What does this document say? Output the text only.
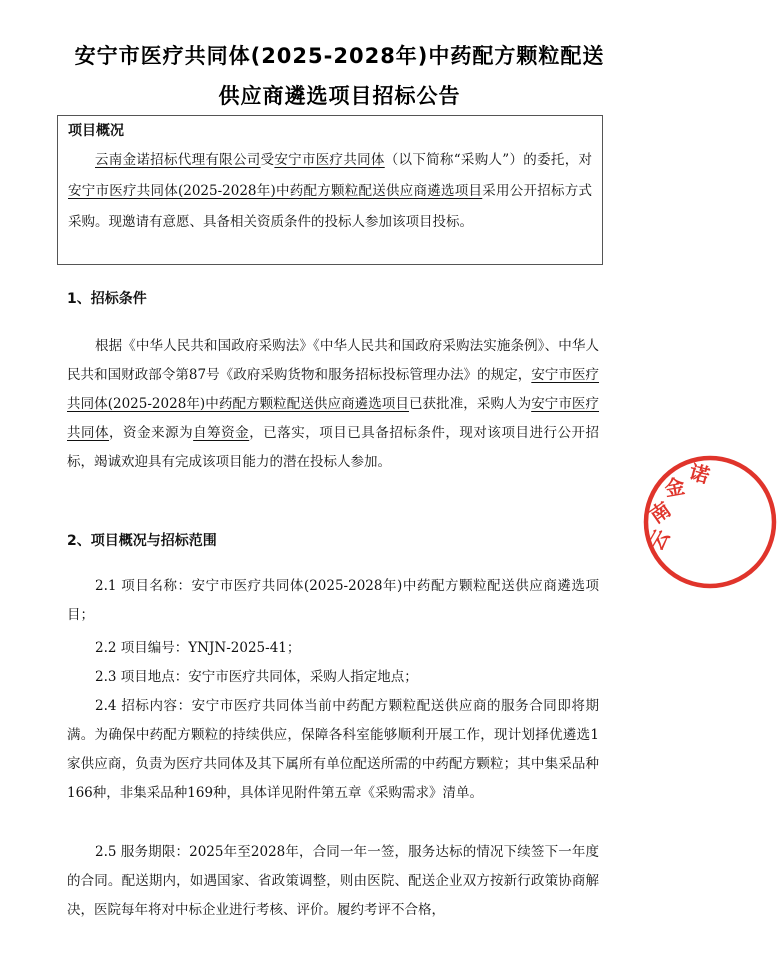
安宁市医疗共同体(2025-2028年)中药配方颗粒配送
供应商遴选项目招标公告
项目概况
云南金诺招标代理有限公司受安宁市医疗共同体（以下简称“采购人”）的委托，对安宁市医疗共同体(2025-2028年)中药配方颗粒配送供应商遴选项目采用公开招标方式采购。现邀请有意愿、具备相关资质条件的投标人参加该项目投标。
1、招标条件
根据《中华人民共和国政府采购法》《中华人民共和国政府采购法实施条例》、中华人民共和国财政部令第87号《政府采购货物和服务招标投标管理办法》的规定，安宁市医疗共同体(2025-2028年)中药配方颗粒配送供应商遴选项目已获批准，采购人为安宁市医疗共同体，资金来源为自筹资金，已落实，项目已具备招标条件，现对该项目进行公开招标，竭诚欢迎具有完成该项目能力的潜在投标人参加。
2、项目概况与招标范围
2.1 项目名称：安宁市医疗共同体(2025-2028年)中药配方颗粒配送供应商遴选项目；
2.2 项目编号：YNJN-2025-41；
2.3 项目地点：安宁市医疗共同体，采购人指定地点；
2.4 招标内容：安宁市医疗共同体当前中药配方颗粒配送供应商的服务合同即将期满。为确保中药配方颗粒的持续供应，保障各科室能够顺利开展工作，现计划择优遴选1家供应商，负责为医疗共同体及其下属所有单位配送所需的中药配方颗粒；其中集采品种166种，非集采品种169种，具体详见附件第五章《采购需求》清单。
2.5 服务期限：2025年至2028年，合同一年一签，服务达标的情况下续签下一年度的合同。配送期内，如遇国家、省政策调整，则由医院、配送企业双方按新行政策协商解决，医院每年将对中标企业进行考核、评价。履约考评不合格，
云
南
金 诺
